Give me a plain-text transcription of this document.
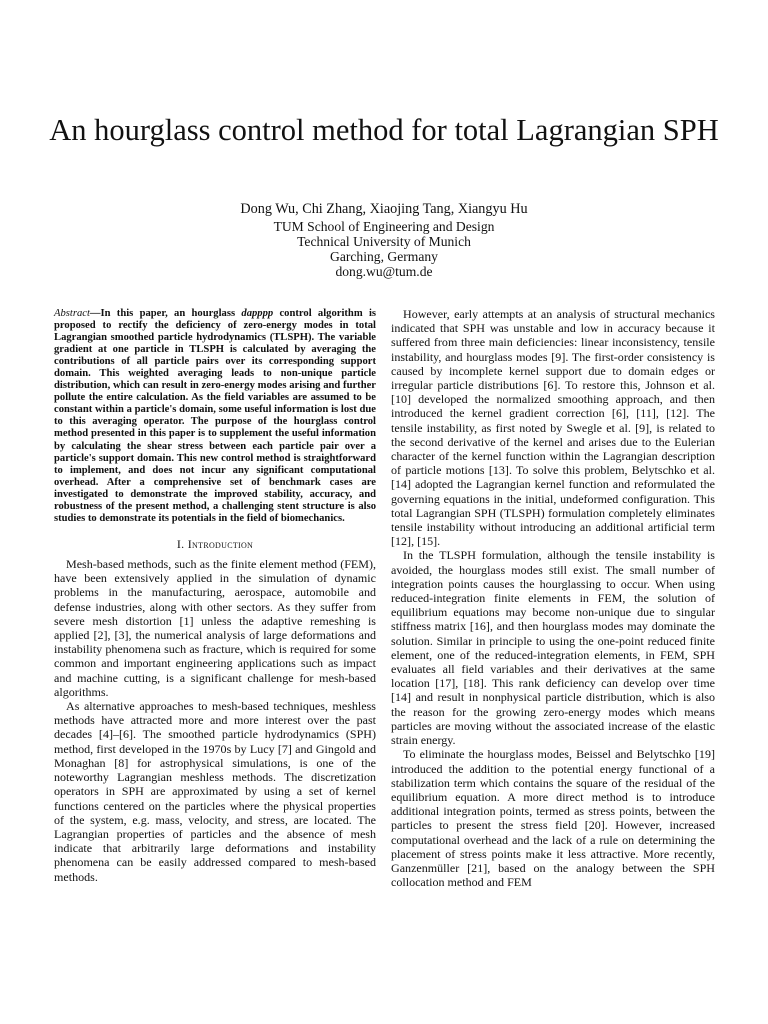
An hourglass control method for total Lagrangian SPH
Dong Wu, Chi Zhang, Xiaojing Tang, Xiangyu Hu
TUM School of Engineering and Design
Technical University of Munich
Garching, Germany
dong.wu@tum.de
Abstract—In this paper, an hourglass dapppp control algorithm is proposed to rectify the deficiency of zero-energy modes in total Lagrangian smoothed particle hydrodynamics (TLSPH). The variable gradient at one particle in TLSPH is calculated by averaging the contributions of all particle pairs over its corresponding support domain. This weighted averaging leads to non-unique particle distribution, which can result in zero-energy modes arising and further pollute the entire calculation. As the field variables are assumed to be constant within a particle's domain, some useful information is lost due to this averaging operator. The purpose of the hourglass control method presented in this paper is to supplement the useful information by calculating the shear stress between each particle pair over a particle's support domain. This new control method is straightforward to implement, and does not incur any significant computational overhead. After a comprehensive set of benchmark cases are investigated to demonstrate the improved stability, accuracy, and robustness of the present method, a challenging stent structure is also studies to demonstrate its potentials in the field of biomechanics.
I. Introduction

Mesh-based methods, such as the finite element method (FEM), have been extensively applied in the simulation of dynamic problems in the manufacturing, aerospace, automobile and defense industries, along with other sectors. As they suffer from severe mesh distortion [1] unless the adaptive remeshing is applied [2], [3], the numerical analysis of large deformations and instability phenomena such as fracture, which is required for some common and important engineering applications such as impact and machine cutting, is a significant challenge for mesh-based algorithms.

As alternative approaches to mesh-based techniques, meshless methods have attracted more and more interest over the past decades [4]–[6]. The smoothed particle hydrodynamics (SPH) method, first developed in the 1970s by Lucy [7] and Gingold and Monaghan [8] for astrophysical simulations, is one of the noteworthy Lagrangian meshless methods. The discretization operators in SPH are approximated by using a set of kernel functions centered on the particles where the physical properties of the system, e.g. mass, velocity, and stress, are located. The Lagrangian properties of particles and the absence of mesh indicate that arbitrarily large deformations and instability phenomena can be easily addressed compared to mesh-based methods.

However, early attempts at an analysis of structural mechanics indicated that SPH was unstable and low in accuracy because it suffered from three main deficiencies: linear inconsistency, tensile instability, and hourglass modes [9]. The first-order consistency is caused by incomplete kernel support due to domain edges or irregular particle distributions [6]. To restore this, Johnson et al. [10] developed the normalized smoothing approach, and then introduced the kernel gradient correction [6], [11], [12]. The tensile instability, as first noted by Swegle et al. [9], is related to the second derivative of the kernel and arises due to the Eulerian character of the kernel function within the Lagrangian description of particle motions [13]. To solve this problem, Belytschko et al. [14] adopted the Lagrangian kernel function and reformulated the governing equations in the initial, undeformed configuration. This total Lagrangian SPH (TLSPH) formulation completely eliminates tensile instability without introducing an additional artificial term [12], [15].

In the TLSPH formulation, although the tensile instability is avoided, the hourglass modes still exist. The small number of integration points causes the hourglassing to occur. When using reduced-integration finite elements in FEM, the solution of equilibrium equations may become non-unique due to singular stiffness matrix [16], and then hourglass modes may dominate the solution. Similar in principle to using the one-point reduced finite element, one of the reduced-integration elements, in FEM, SPH evaluates all field variables and their derivatives at the same location [17], [18]. This rank deficiency can develop over time [14] and result in nonphysical particle distribution, which is also the reason for the growing zero-energy modes which means particles are moving without the associated increase of the elastic strain energy.

To eliminate the hourglass modes, Beissel and Belytschko [19] introduced the addition to the potential energy functional of a stabilization term which contains the square of the residual of the equilibrium equation. A more direct method is to introduce additional integration points, termed as stress points, between the particles to present the stress field [20]. However, increased computational overhead and the lack of a rule on determining the placement of stress points make it less attractive. More recently, Ganzenmüller [21], based on the analogy between the SPH collocation method and FEM
